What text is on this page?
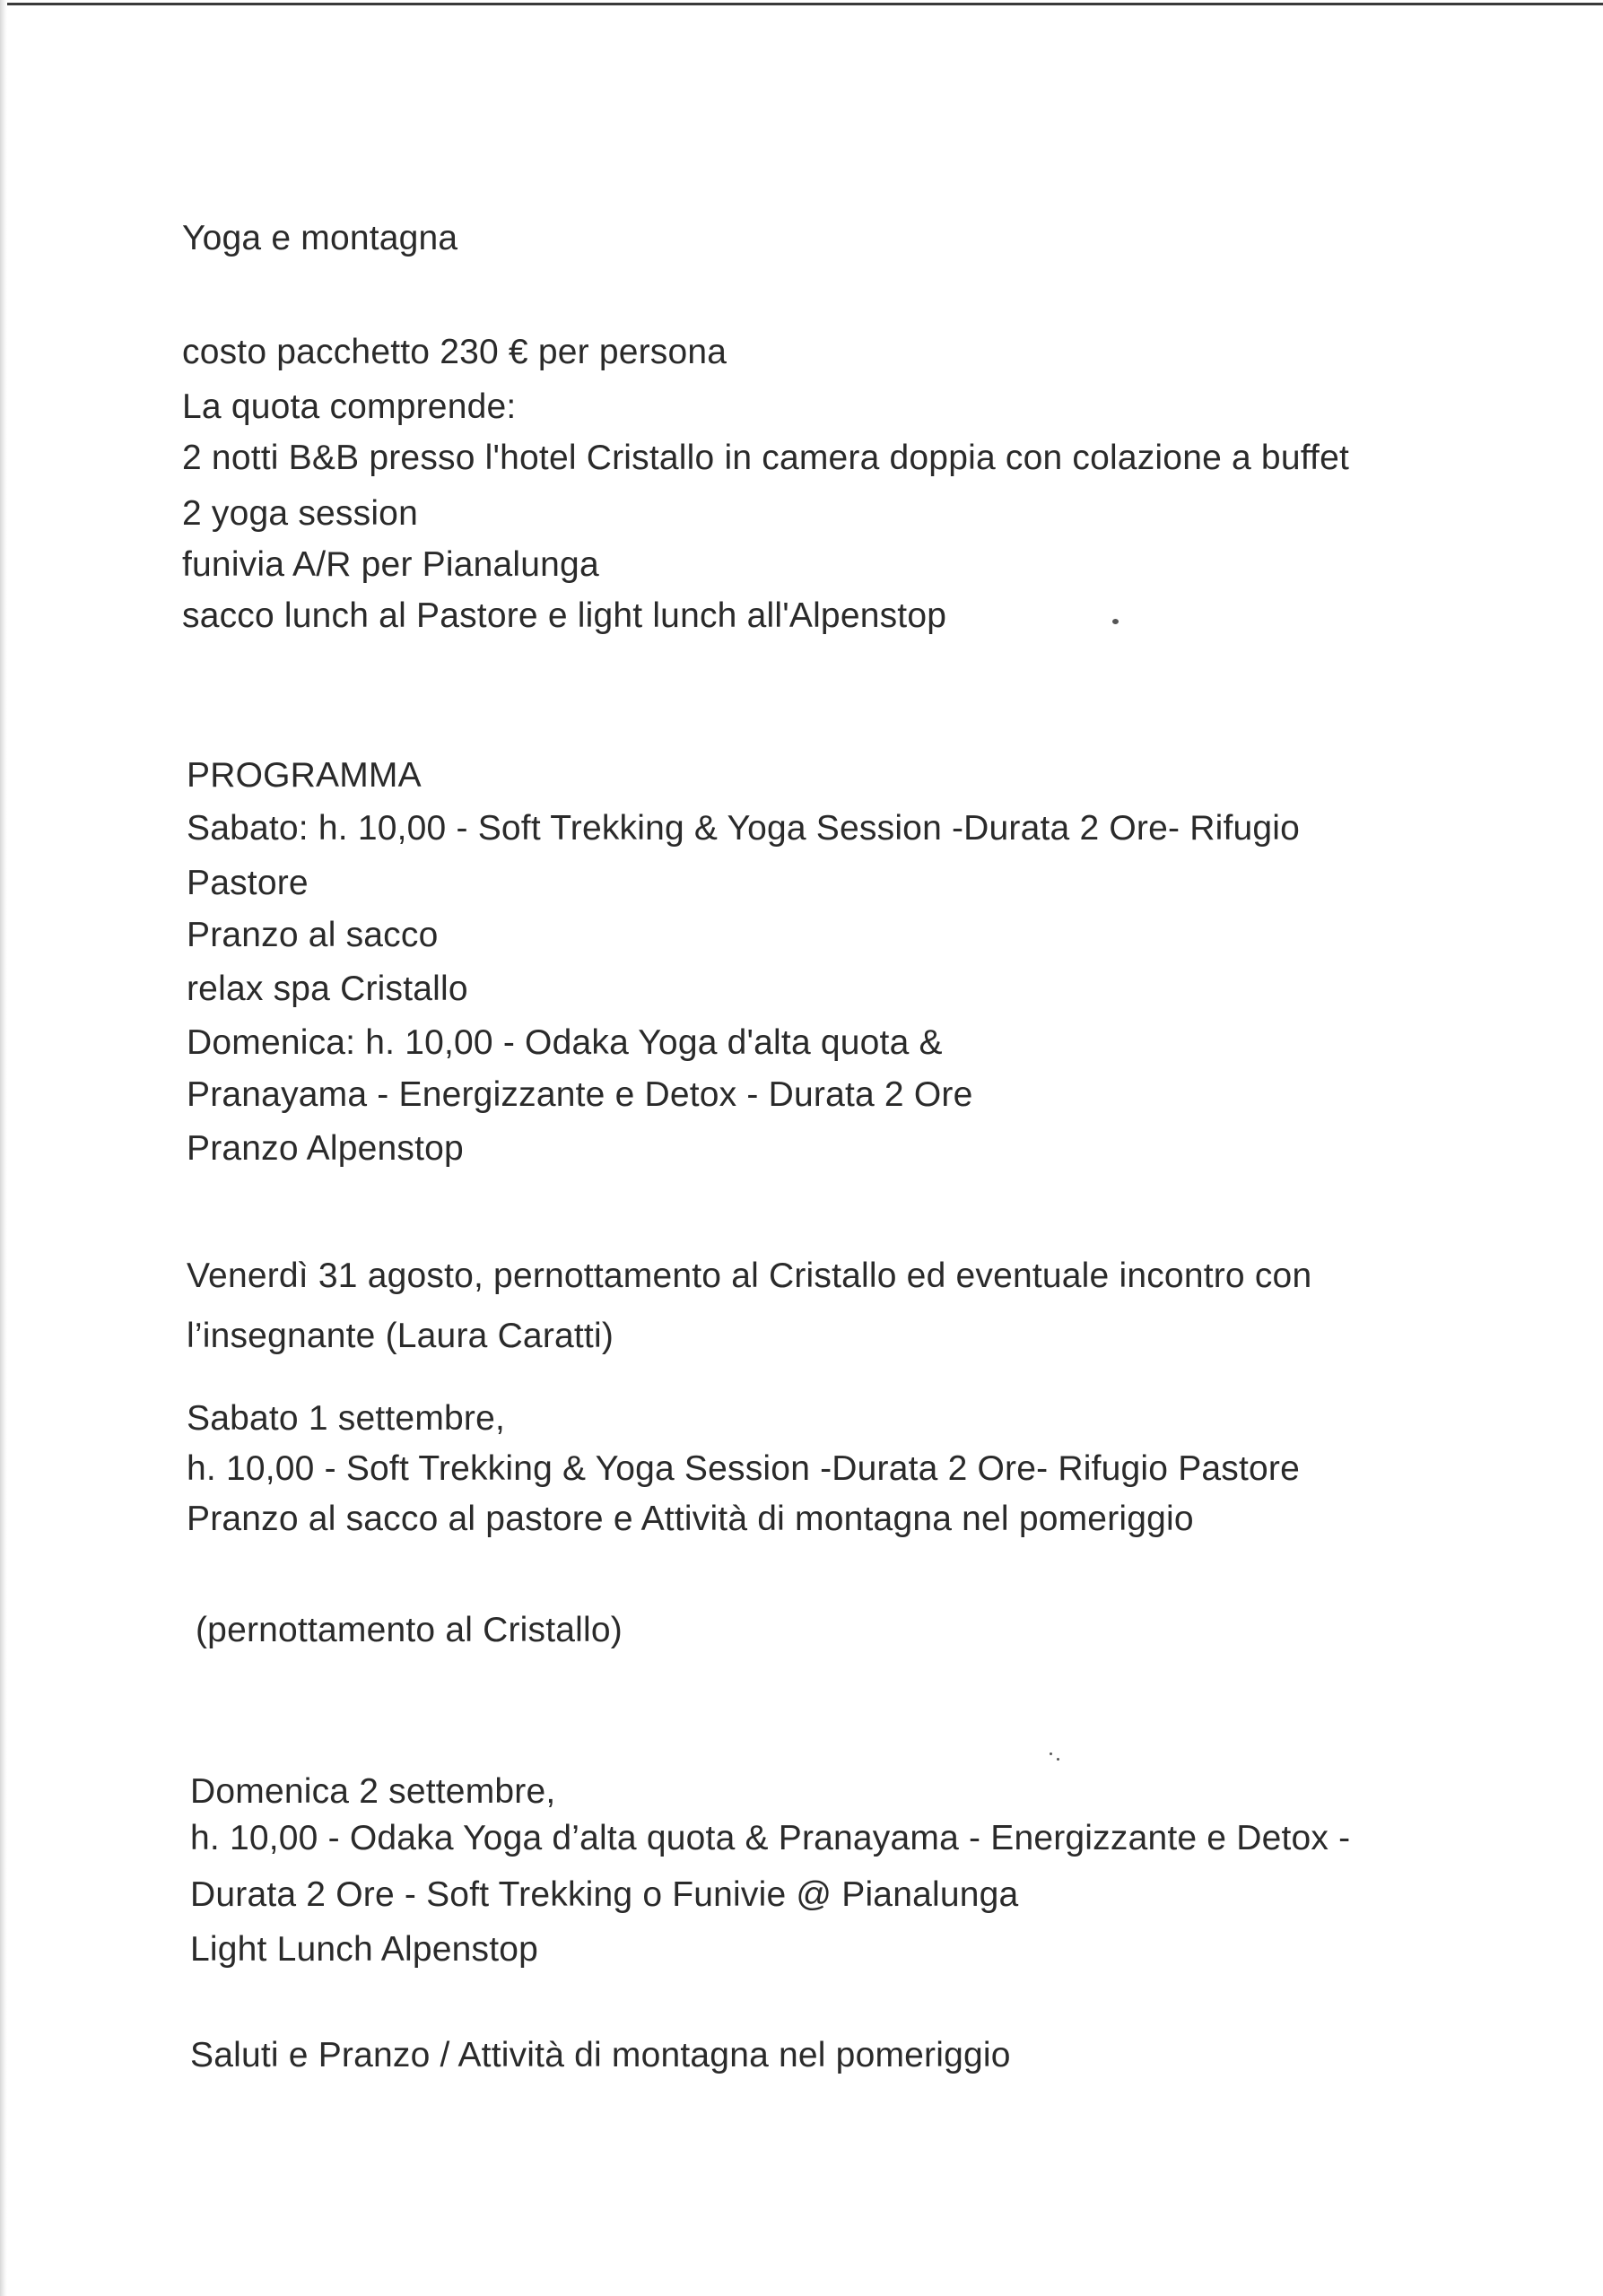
Yoga e montagna
costo pacchetto 230 € per persona
La quota comprende:
2 notti B&B presso l'hotel Cristallo in camera doppia con colazione a buffet
2 yoga session
funivia A/R per Pianalunga
sacco lunch al Pastore e light lunch all'Alpenstop
PROGRAMMA
Sabato: h. 10,00 - Soft Trekking & Yoga Session -Durata 2 Ore- Rifugio
Pastore
Pranzo al sacco
relax spa Cristallo
Domenica: h. 10,00 - Odaka Yoga d'alta quota &
Pranayama - Energizzante e Detox - Durata 2 Ore
Pranzo Alpenstop
Venerdì 31 agosto, pernottamento al Cristallo ed eventuale incontro con
l’insegnante (Laura Caratti)
Sabato 1 settembre,
h. 10,00 - Soft Trekking & Yoga Session -Durata 2 Ore- Rifugio Pastore
Pranzo al sacco al pastore e Attività di montagna nel pomeriggio
(pernottamento al Cristallo)
Domenica 2 settembre,
h. 10,00 - Odaka Yoga d’alta quota & Pranayama - Energizzante e Detox -
Durata 2 Ore - Soft Trekking o Funivie @ Pianalunga
Light Lunch Alpenstop
Saluti e Pranzo / Attività di montagna nel pomeriggio
